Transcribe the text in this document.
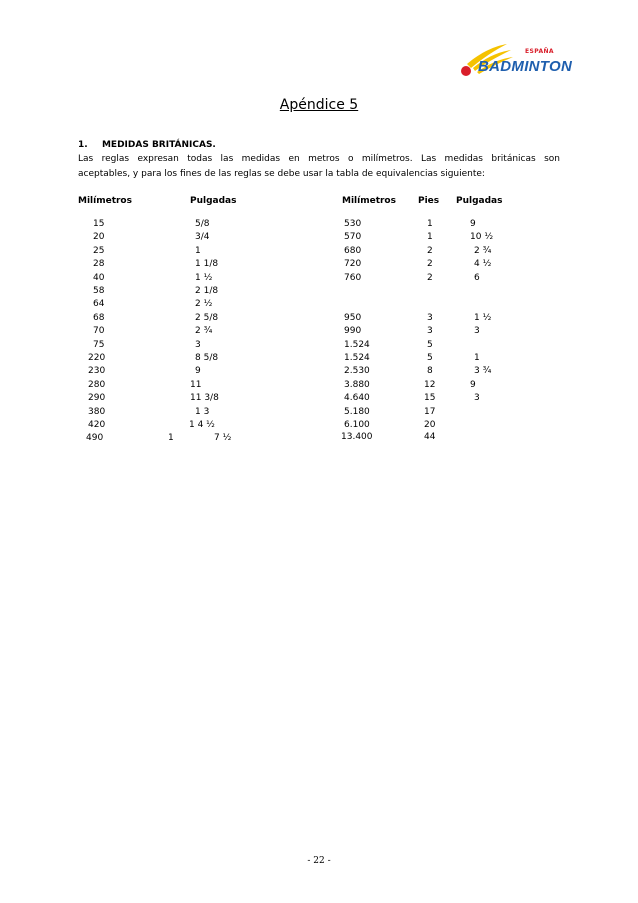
ESPAÑA
BADMINTON
Apéndice 5
1. MEDIDAS BRITÁNICAS.
Las reglas expresan todas las medidas en metros o milímetros. Las medidas británicas son
aceptables, y para los fines de las reglas se debe usar la tabla de equivalencias siguiente:
Milímetros	Pulgadas	Milímetros Pies Pulgadas
15	5/8
20	3/4
25	1
28	1 1/8
40	1 ½
58	2 1/8
64	2 ½
68	2 5/8
70	2 ¾
75	3
220	8 5/8
230	9
280	11
290	11 3/8
380	1 3
420	1 4 ½
490	1	7 ½
530	1	9
570	1	10 ½
680	2	2 ¾
720	2	4 ½
760	2	6
950	3	1 ½
990	3	3
1.524	5
1.524	5	1
2.530	8	3 ¾
3.880	12	9
4.640	15	3
5.180	17
6.100	20
13.400	44
- 22 -
